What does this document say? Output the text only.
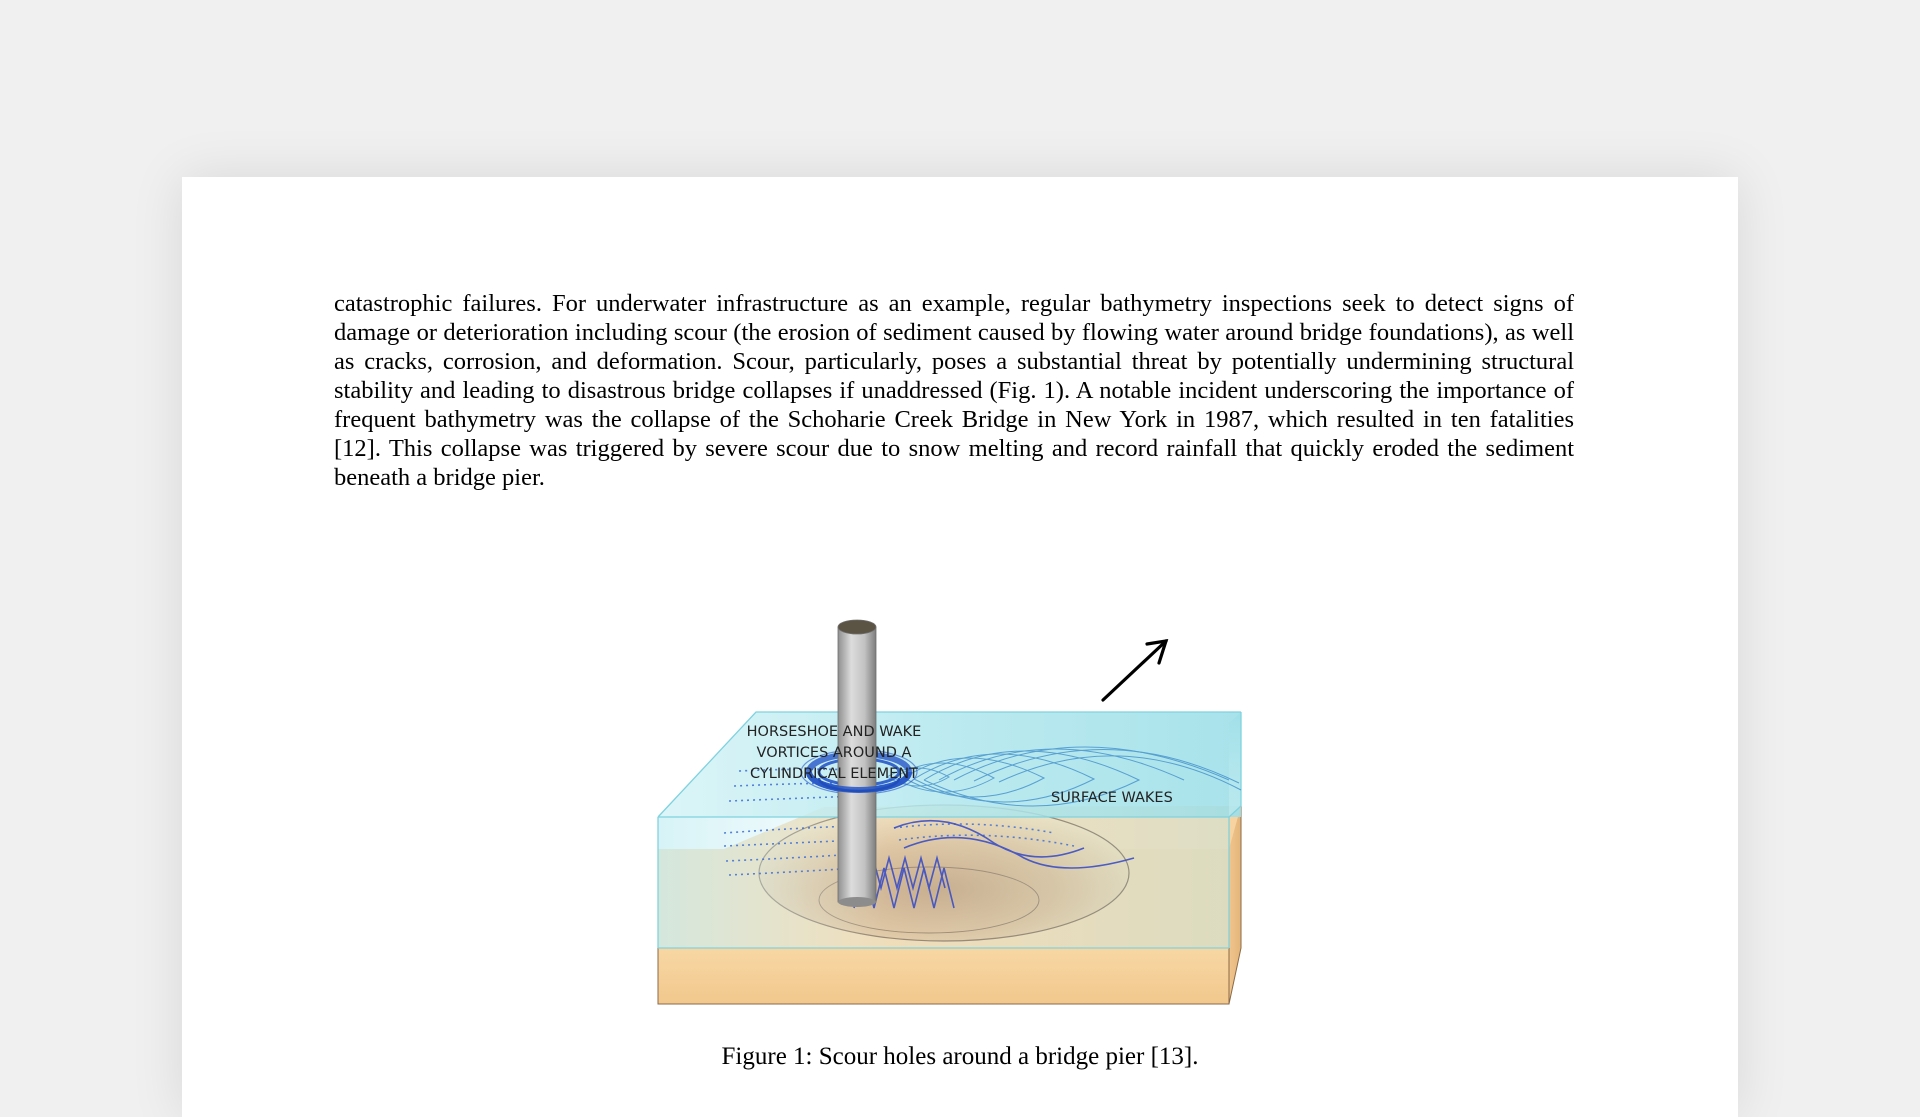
catastrophic failures. For underwater infrastructure as an example, regular bathymetry inspections seek to detect signs of damage or deterioration including scour (the erosion of sediment caused by flowing water around bridge foundations), as well as cracks, corrosion, and deformation. Scour, particularly, poses a substantial threat by potentially undermining structural stability and leading to disastrous bridge collapses if unaddressed (Fig. 1). A notable incident underscoring the importance of frequent bathymetry was the collapse of the Schoharie Creek Bridge in New York in 1987, which resulted in ten fatalities [12]. This collapse was triggered by severe scour due to snow melting and record rainfall that quickly eroded the sediment beneath a bridge pier.

HORSESHOE AND WAKE
VORTICES AROUND A
CYLINDRICAL ELEMENT
SURFACE WAKES
Figure 1: Scour holes around a bridge pier [13].
